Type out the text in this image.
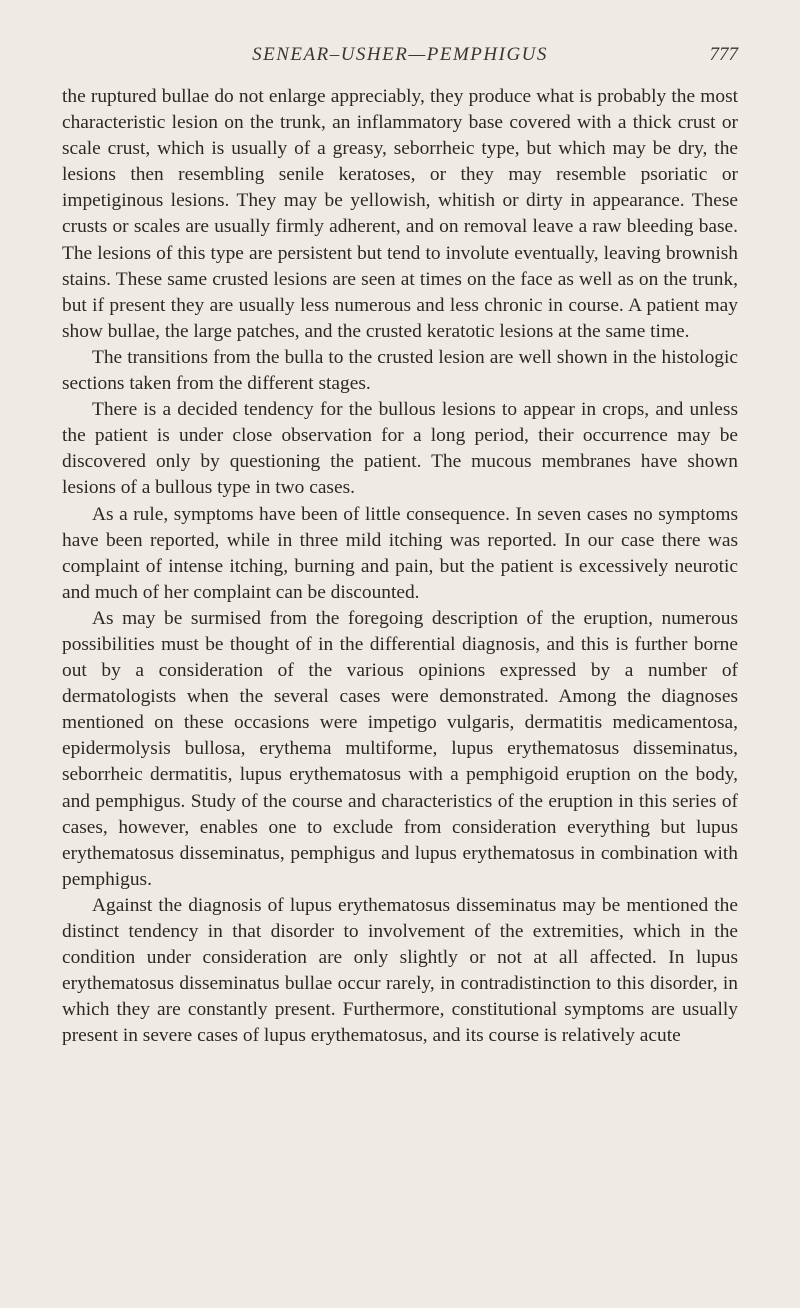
SENEAR–USHER—PEMPHIGUS	777

the ruptured bullae do not enlarge appreciably, they produce what is probably the most characteristic lesion on the trunk, an inflammatory base covered with a thick crust or scale crust, which is usually of a greasy, seborrheic type, but which may be dry, the lesions then resembling senile keratoses, or they may resemble psoriatic or impetiginous lesions. They may be yellowish, whitish or dirty in appearance. These crusts or scales are usually firmly adherent, and on removal leave a raw bleeding base. The lesions of this type are persistent but tend to involute eventually, leaving brownish stains. These same crusted lesions are seen at times on the face as well as on the trunk, but if present they are usually less numerous and less chronic in course. A patient may show bullae, the large patches, and the crusted keratotic lesions at the same time.

The transitions from the bulla to the crusted lesion are well shown in the histologic sections taken from the different stages.

There is a decided tendency for the bullous lesions to appear in crops, and unless the patient is under close observation for a long period, their occurrence may be discovered only by questioning the patient. The mucous membranes have shown lesions of a bullous type in two cases.

As a rule, symptoms have been of little consequence. In seven cases no symptoms have been reported, while in three mild itching was reported. In our case there was complaint of intense itching, burning and pain, but the patient is excessively neurotic and much of her complaint can be discounted.

As may be surmised from the foregoing description of the eruption, numerous possibilities must be thought of in the differential diagnosis, and this is further borne out by a consideration of the various opinions expressed by a number of dermatologists when the several cases were demonstrated. Among the diagnoses mentioned on these occasions were impetigo vulgaris, dermatitis medicamentosa, epidermolysis bullosa, erythema multiforme, lupus erythematosus disseminatus, seborrheic dermatitis, lupus erythematosus with a pemphigoid eruption on the body, and pemphigus. Study of the course and characteristics of the eruption in this series of cases, however, enables one to exclude from consideration everything but lupus erythematosus disseminatus, pemphigus and lupus erythematosus in combination with pemphigus.

Against the diagnosis of lupus erythematosus disseminatus may be mentioned the distinct tendency in that disorder to involvement of the extremities, which in the condition under consideration are only slightly or not at all affected. In lupus erythematosus disseminatus bullae occur rarely, in contradistinction to this disorder, in which they are constantly present. Furthermore, constitutional symptoms are usually present in severe cases of lupus erythematosus, and its course is relatively acute
